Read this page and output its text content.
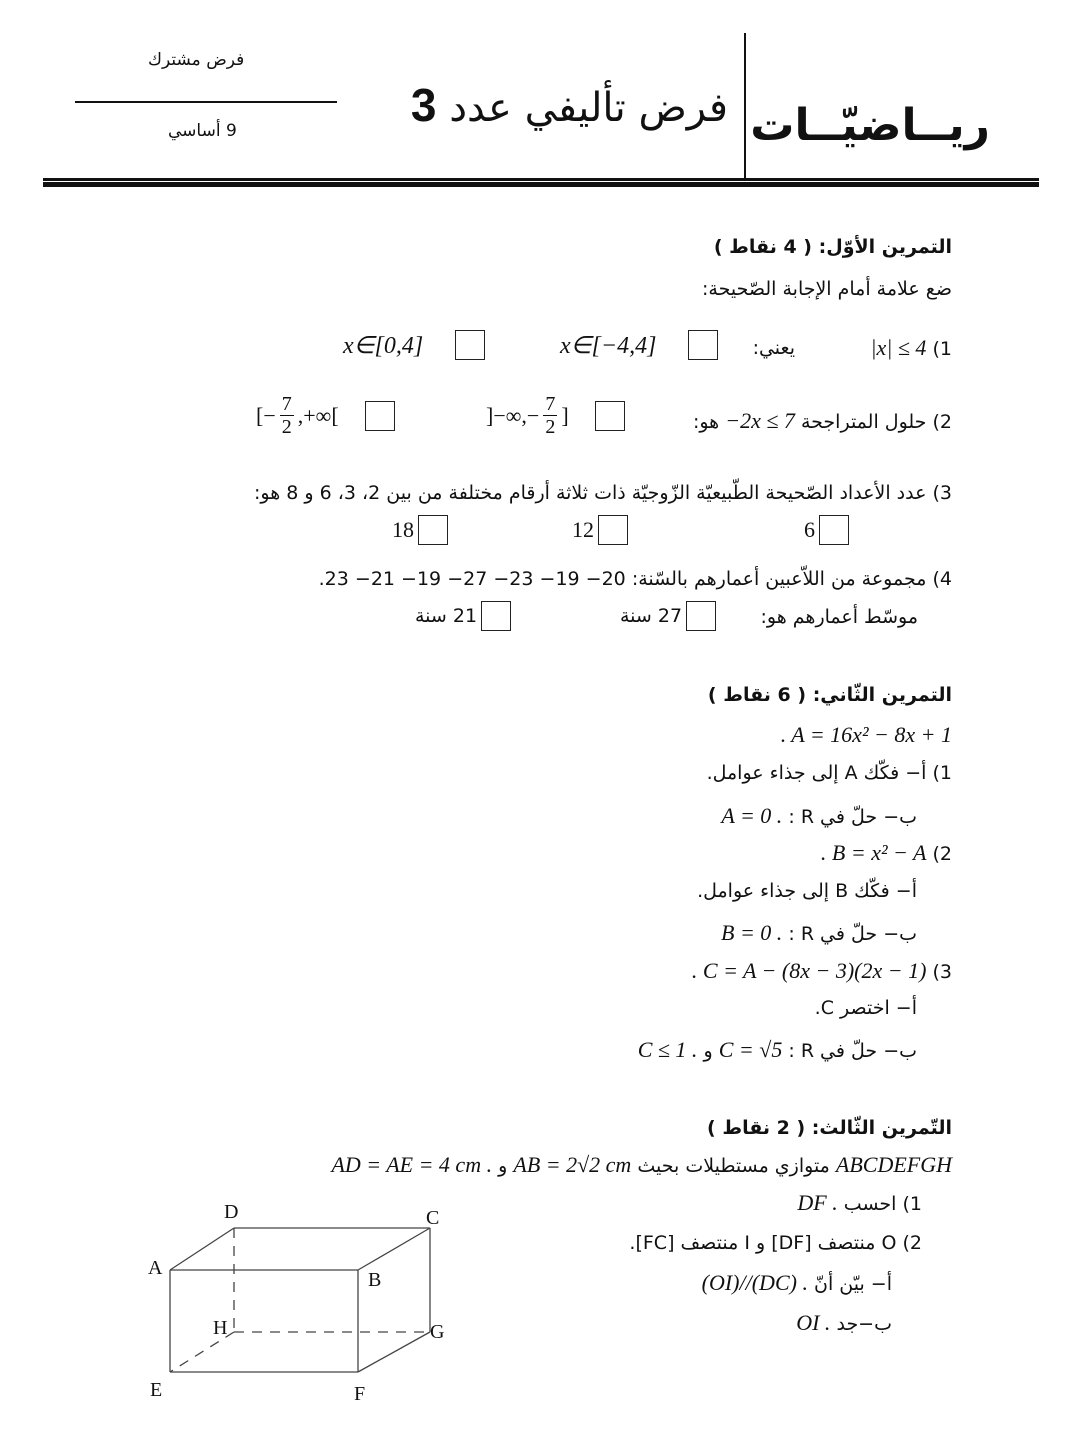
ريــاضيّــات
فرض تأليفي عدد 3
فرض مشترك
9 أساسي
التمرين الأوّل: ( 4 نقاط )
ضع علامة أمام الإجابة الصّحيحة:
1) |x| ≤ 4
يعني:
x∈[−4,4]
x∈[0,4]
2) حلول المتراجحة −2x ≤ 7 هو:
]−∞,− $\frac{7}{2}$ ]
[− $\frac{7}{2}$ ,+∞[
3) عدد الأعداد الصّحيحة الطّبيعيّة الزّوجيّة ذات ثلاثة أرقام مختلفة من بين 2، 3، 6 و 8 هو:
6
12
18
4) مجموعة من اللاّعبين أعمارهم بالسّنة: 20− 19− 23− 27− 19− 21− 23.
موسّط أعمارهم هو:
27 سنة
21 سنة
التمرين الثّاني: ( 6 نقاط )
. A = 16x² − 8x + 1
1) أ− فكّك A إلى جذاء عوامل.
ب− حلّ في R : A = 0 .
2) . B = x² − A
أ− فكّك B إلى جذاء عوامل.
ب− حلّ في R : B = 0 .
3) . C = A − (8x − 3)(2x − 1)
أ− اختصر C.
ب− حلّ في R : C = √5 و C ≤ 1 .
التّمرين الثّالث: ( 2 نقاط )
ABCDEFGH متوازي مستطيلات بحيث AB = 2√2 cm و AD = AE = 4 cm .
1) احسب DF .
2) O منتصف [DF] و I منتصف [FC].
أ− بيّن أنّ (OI)//(DC) .
ب−جد OI .
A
B
C
D
E	F
G
H
